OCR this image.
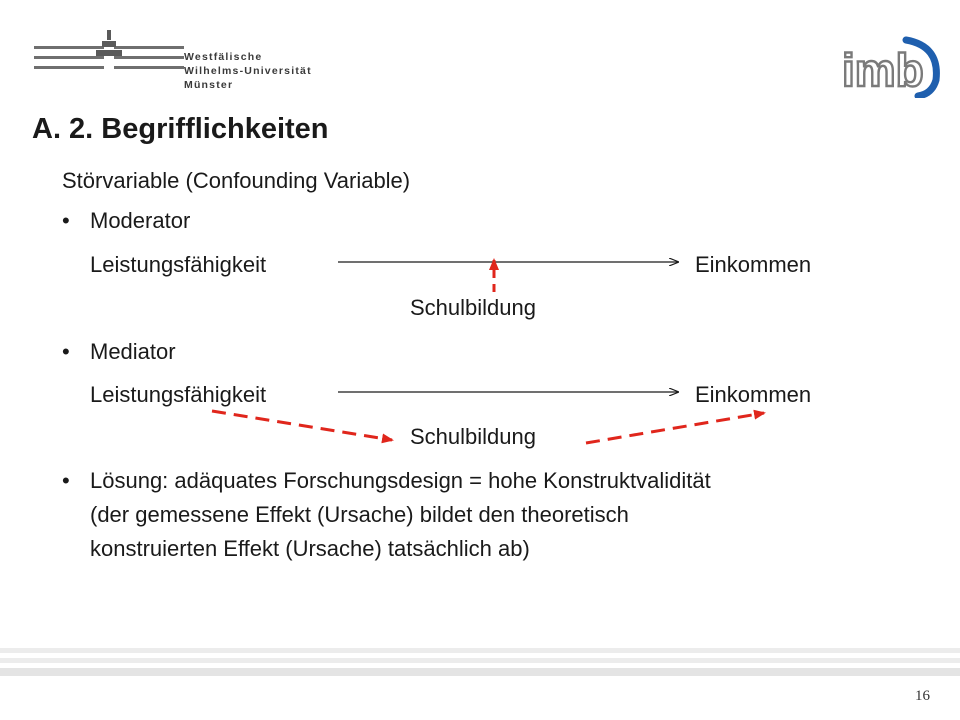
Westfälische
Wilhelms-Universität
Münster	imb
A. 2. Begrifflichkeiten
Störvariable (Confounding Variable)
• Moderator
Leistungsfähigkeit	Einkommen
Schulbildung
• Mediator
Leistungsfähigkeit	Einkommen
Schulbildung
• Lösung: adäquates Forschungsdesign = hohe Konstruktvalidität
(der gemessene Effekt (Ursache) bildet den theoretisch
konstruierten Effekt (Ursache) tatsächlich ab)
16
